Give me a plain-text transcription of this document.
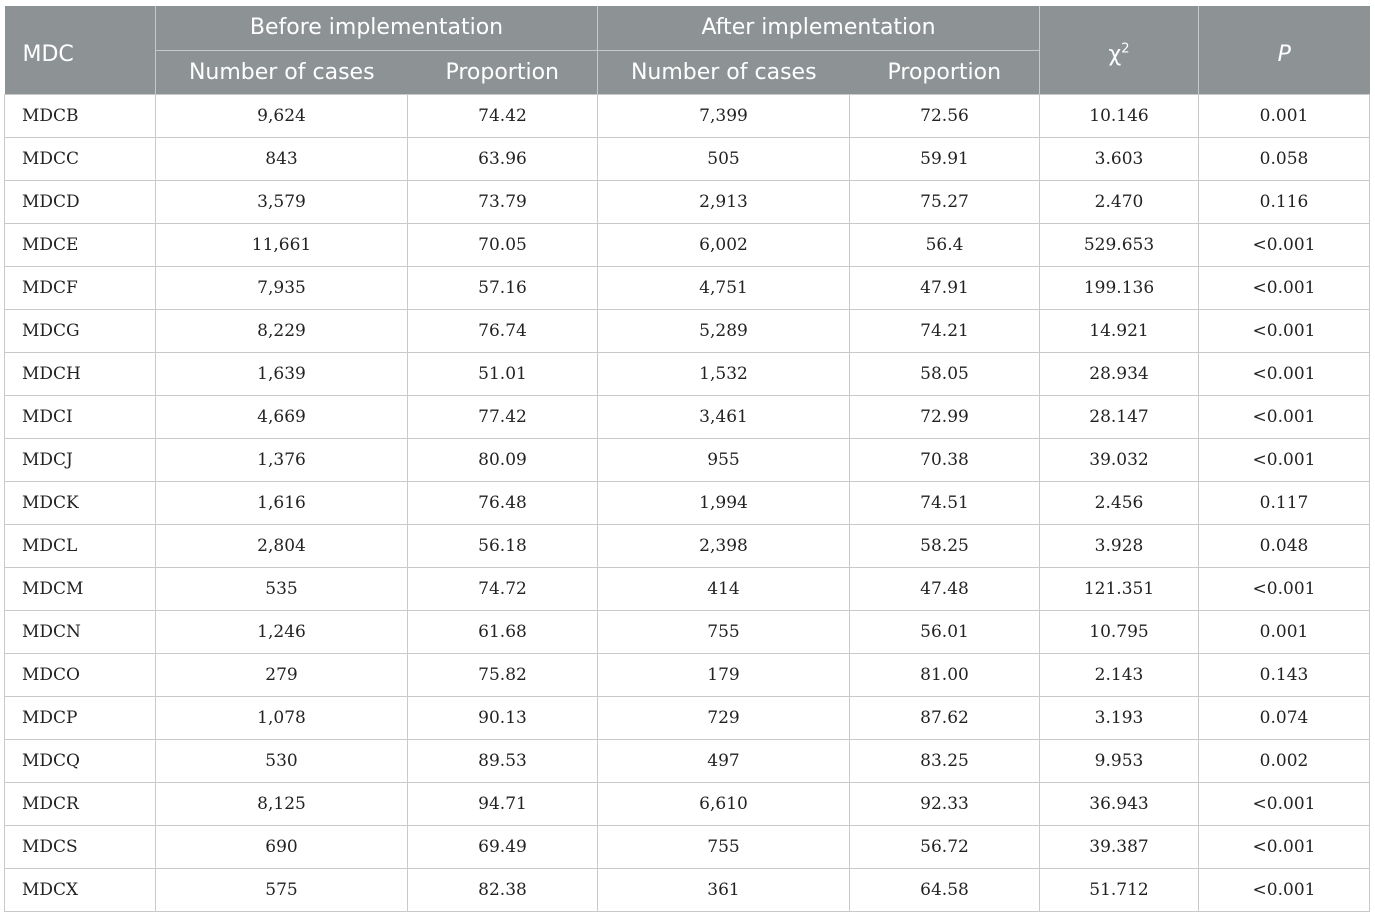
MDC	Before implementation		After implementation		$\chi^2$	P
	Number of cases	Proportion	Number of cases	Proportion		
MDCB	9,624	74.42	7,399	72.56	10.146	0.001
MDCC	843	63.96	505	59.91	3.603	0.058
MDCD	3,579	73.79	2,913	75.27	2.470	0.116
MDCE	11,661	70.05	6,002	56.4	529.653	<0.001
MDCF	7,935	57.16	4,751	47.91	199.136	<0.001
MDCG	8,229	76.74	5,289	74.21	14.921	<0.001
MDCH	1,639	51.01	1,532	58.05	28.934	<0.001
MDCI	4,669	77.42	3,461	72.99	28.147	<0.001
MDCJ	1,376	80.09	955	70.38	39.032	<0.001
MDCK	1,616	76.48	1,994	74.51	2.456	0.117
MDCL	2,804	56.18	2,398	58.25	3.928	0.048
MDCM	535	74.72	414	47.48	121.351	<0.001
MDCN	1,246	61.68	755	56.01	10.795	0.001
MDCO	279	75.82	179	81.00	2.143	0.143
MDCP	1,078	90.13	729	87.62	3.193	0.074
MDCQ	530	89.53	497	83.25	9.953	0.002
MDCR	8,125	94.71	6,610	92.33	36.943	<0.001
MDCS	690	69.49	755	56.72	39.387	<0.001
MDCX	575	82.38	361	64.58	51.712	<0.001
